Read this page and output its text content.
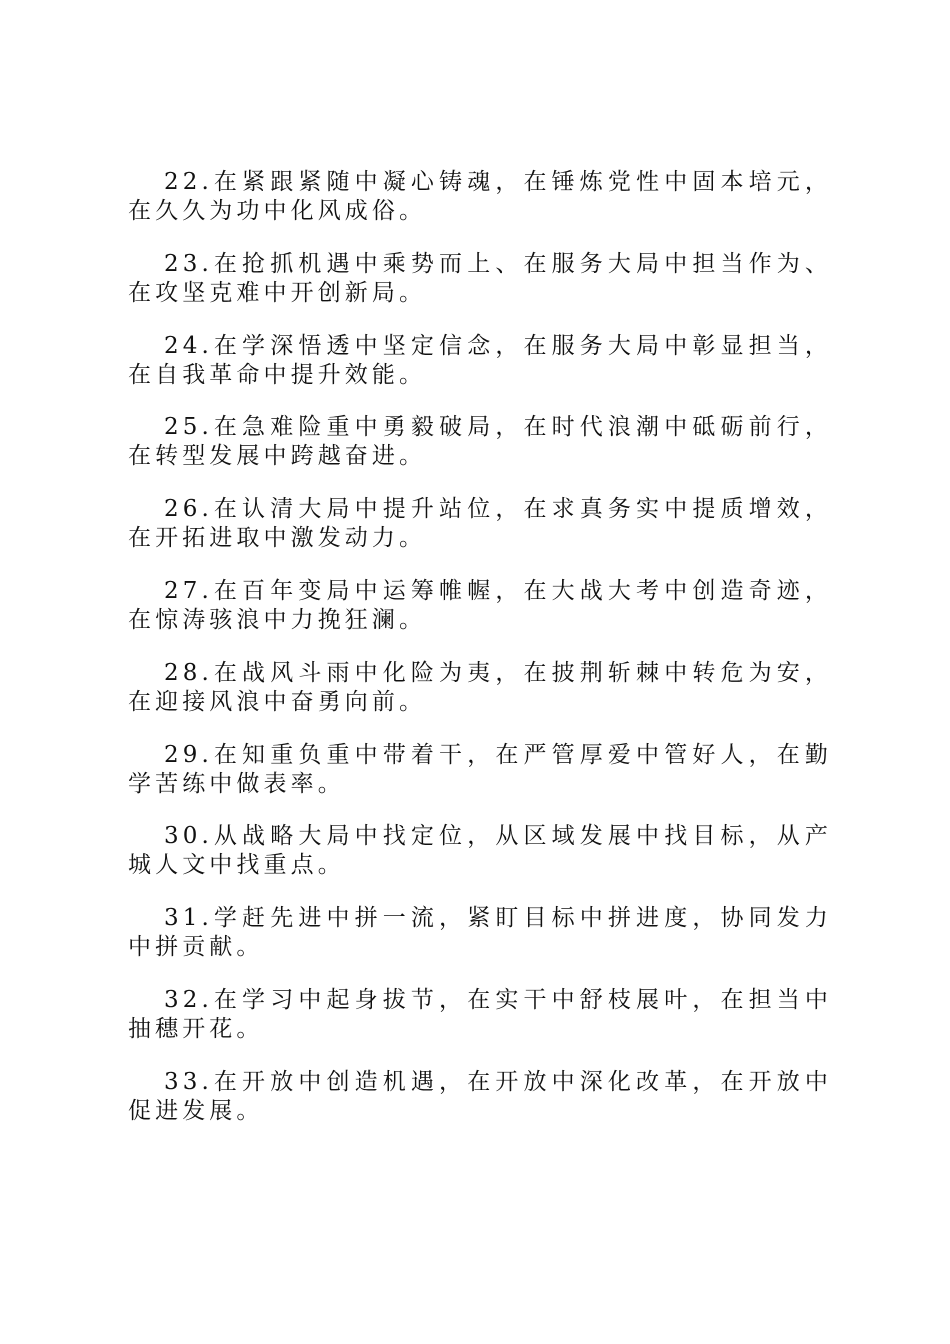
22.在紧跟紧随中凝心铸魂，在锤炼党性中固本培元，在久久为功中化风成俗。

23.在抢抓机遇中乘势而上、在服务大局中担当作为、在攻坚克难中开创新局。

24.在学深悟透中坚定信念，在服务大局中彰显担当，在自我革命中提升效能。

25.在急难险重中勇毅破局，在时代浪潮中砥砺前行，在转型发展中跨越奋进。

26.在认清大局中提升站位，在求真务实中提质增效，在开拓进取中激发动力。

27.在百年变局中运筹帷幄，在大战大考中创造奇迹，在惊涛骇浪中力挽狂澜。

28.在战风斗雨中化险为夷，在披荆斩棘中转危为安，在迎接风浪中奋勇向前。

29.在知重负重中带着干，在严管厚爱中管好人，在勤学苦练中做表率。

30.从战略大局中找定位，从区域发展中找目标，从产城人文中找重点。

31.学赶先进中拼一流，紧盯目标中拼进度，协同发力中拼贡献。

32.在学习中起身拔节，在实干中舒枝展叶，在担当中抽穗开花。

33.在开放中创造机遇，在开放中深化改革，在开放中促进发展。
